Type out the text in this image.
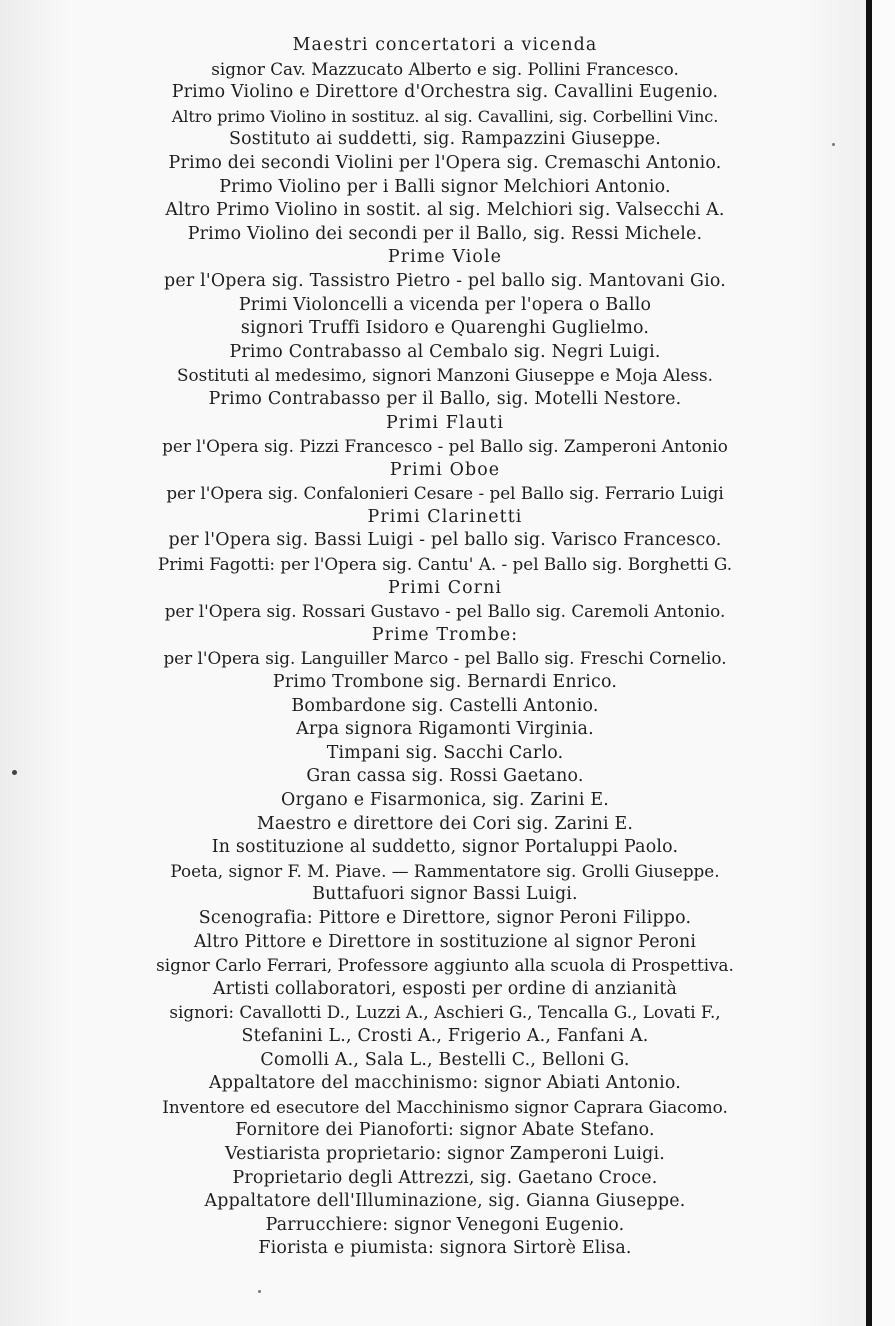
Maestri concertatori a vicenda

signor Cav. Mazzucato Alberto e sig. Pollini Francesco.

Primo Violino e Direttore d'Orchestra sig. Cavallini Eugenio.

Altro primo Violino in sostituz. al sig. Cavallini, sig. Corbellini Vinc.

Sostituto ai suddetti, sig. Rampazzini Giuseppe.

Primo dei secondi Violini per l'Opera sig. Cremaschi Antonio.

Primo Violino per i Balli signor Melchiori Antonio.

Altro Primo Violino in sostit. al sig. Melchiori sig. Valsecchi A.

Primo Violino dei secondi per il Ballo, sig. Ressi Michele.

Prime Viole

per l'Opera sig. Tassistro Pietro - pel ballo sig. Mantovani Gio.

Primi Violoncelli a vicenda per l'opera o Ballo

signori Truffi Isidoro e Quarenghi Guglielmo.

Primo Contrabasso al Cembalo sig. Negri Luigi.

Sostituti al medesimo, signori Manzoni Giuseppe e Moja Aless.

Primo Contrabasso per il Ballo, sig. Motelli Nestore.

Primi Flauti

per l'Opera sig. Pizzi Francesco - pel Ballo sig. Zamperoni Antonio

Primi Oboe

per l'Opera sig. Confalonieri Cesare - pel Ballo sig. Ferrario Luigi

Primi Clarinetti

per l'Opera sig. Bassi Luigi - pel ballo sig. Varisco Francesco.

Primi Fagotti: per l'Opera sig. Cantu' A. - pel Ballo sig. Borghetti G.

Primi Corni

per l'Opera sig. Rossari Gustavo - pel Ballo sig. Caremoli Antonio.

Prime Trombe:

per l'Opera sig. Languiller Marco - pel Ballo sig. Freschi Cornelio.

Primo Trombone sig. Bernardi Enrico.

Bombardone sig. Castelli Antonio.

Arpa signora Rigamonti Virginia.

Timpani sig. Sacchi Carlo.

Gran cassa sig. Rossi Gaetano.

Organo e Fisarmonica, sig. Zarini E.

Maestro e direttore dei Cori sig. Zarini E.

In sostituzione al suddetto, signor Portaluppi Paolo.

Poeta, signor F. M. Piave. — Rammentatore sig. Grolli Giuseppe.

Buttafuori signor Bassi Luigi.

Scenografia: Pittore e Direttore, signor Peroni Filippo.

Altro Pittore e Direttore in sostituzione al signor Peroni

signor Carlo Ferrari, Professore aggiunto alla scuola di Prospettiva.

Artisti collaboratori, esposti per ordine di anzianità

signori: Cavallotti D., Luzzi A., Aschieri G., Tencalla G., Lovati F.,

Stefanini L., Crosti A., Frigerio A., Fanfani A.

Comolli A., Sala L., Bestelli C., Belloni G.

Appaltatore del macchinismo: signor Abiati Antonio.

Inventore ed esecutore del Macchinismo signor Caprara Giacomo.

Fornitore dei Pianoforti: signor Abate Stefano.

Vestiarista proprietario: signor Zamperoni Luigi.

Proprietario degli Attrezzi, sig. Gaetano Croce.

Appaltatore dell'Illuminazione, sig. Gianna Giuseppe.

Parrucchiere: signor Venegoni Eugenio.

Fiorista e piumista: signora Sirtorè Elisa.
